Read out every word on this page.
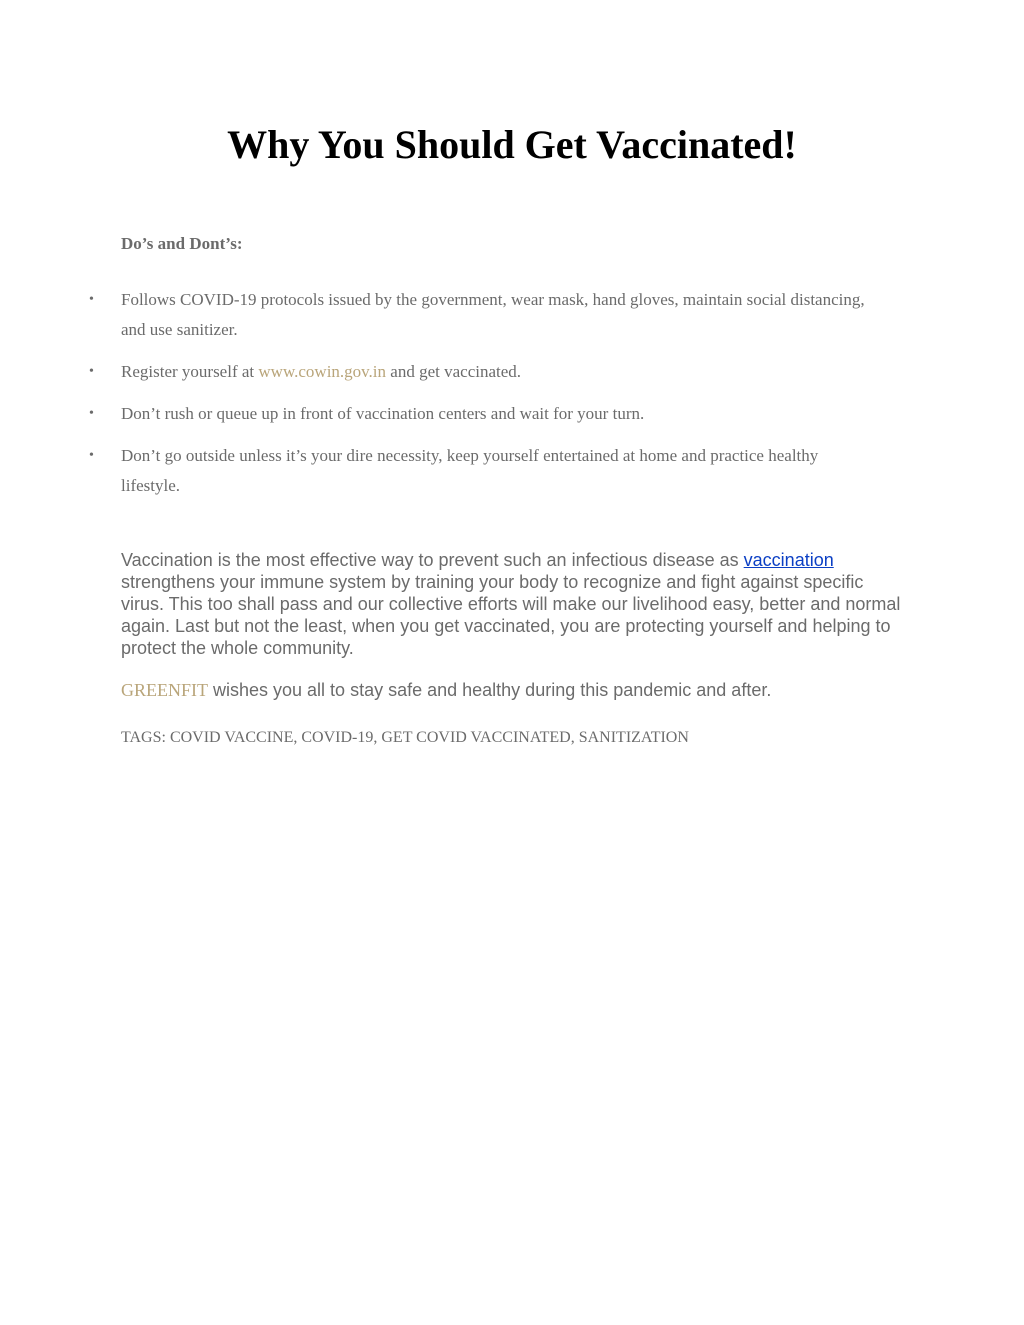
Why You Should Get Vaccinated!
Do’s and Dont’s:
• Follows COVID-19 protocols issued by the government, wear mask, hand gloves, maintain social distancing, and use sanitizer.
• Register yourself at www.cowin.gov.in and get vaccinated.
• Don’t rush or queue up in front of vaccination centers and wait for your turn.
• Don’t go outside unless it’s your dire necessity, keep yourself entertained at home and practice healthy lifestyle.

Vaccination is the most effective way to prevent such an infectious disease as vaccination strengthens your immune system by training your body to recognize and fight against specific virus. This too shall pass and our collective efforts will make our livelihood easy, better and normal again. Last but not the least, when you get vaccinated, you are protecting yourself and helping to protect the whole community.

GREENFIT wishes you all to stay safe and healthy during this pandemic and after.

TAGS: COVID VACCINE, COVID-19, GET COVID VACCINATED, SANITIZATION
